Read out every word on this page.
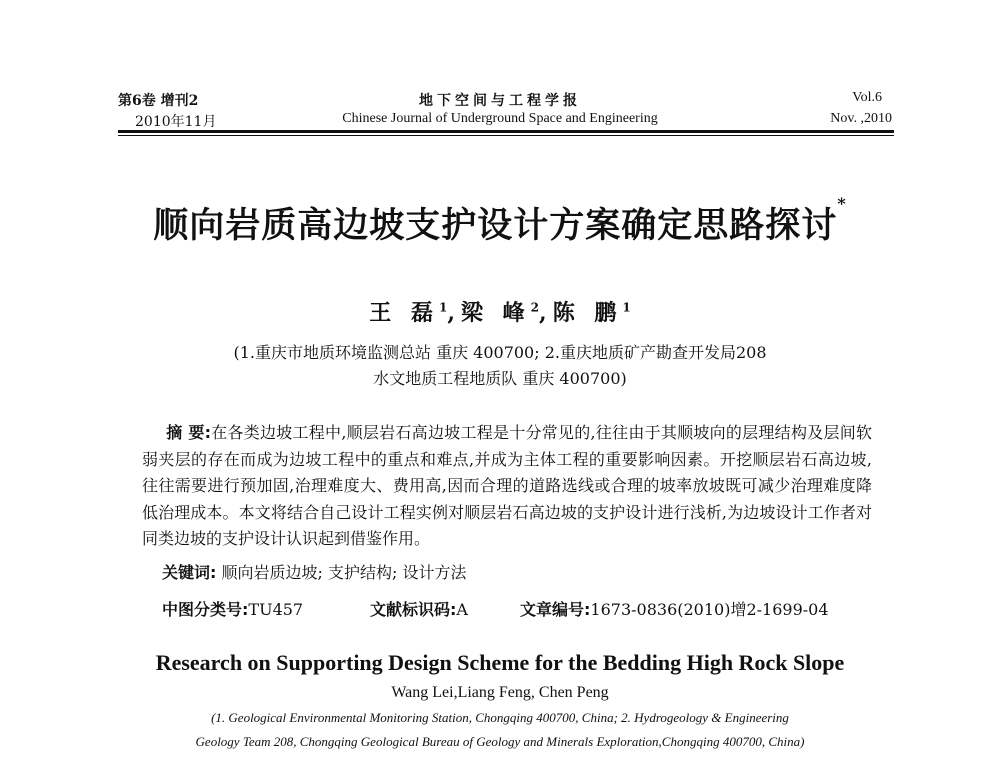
第6卷 增刊2
2010年11月
地下空间与工程学报
Chinese Journal of Underground Space and Engineering
Vol.6
Nov. ,2010
顺向岩质高边坡支护设计方案确定思路探讨*
王 磊$^1$,梁 峰$^2$,陈 鹏$^1$
(1.重庆市地质环境监测总站 重庆 400700; 2.重庆地质矿产勘查开发局208
水文地质工程地质队 重庆 400700)
摘 要:在各类边坡工程中,顺层岩石高边坡工程是十分常见的,往往由于其顺坡向的层理结构及层间软弱夹层的存在而成为边坡工程中的重点和难点,并成为主体工程的重要影响因素。开挖顺层岩石高边坡,往往需要进行预加固,治理难度大、费用高,因而合理的道路选线或合理的坡率放坡既可减少治理难度降低治理成本。本文将结合自己设计工程实例对顺层岩石高边坡的支护设计进行浅析,为边坡设计工作者对同类边坡的支护设计认识起到借鉴作用。
关键词: 顺向岩质边坡; 支护结构; 设计方法
中图分类号:TU457	文献标识码:A	文章编号:1673-0836(2010)增2-1699-04
Research on Supporting Design Scheme for the Bedding High Rock Slope
Wang Lei,Liang Feng, Chen Peng
(1. Geological Environmental Monitoring Station, Chongqing 400700, China; 2. Hydrogeology & Engineering
Geology Team 208, Chongqing Geological Bureau of Geology and Minerals Exploration,Chongqing 400700, China)
